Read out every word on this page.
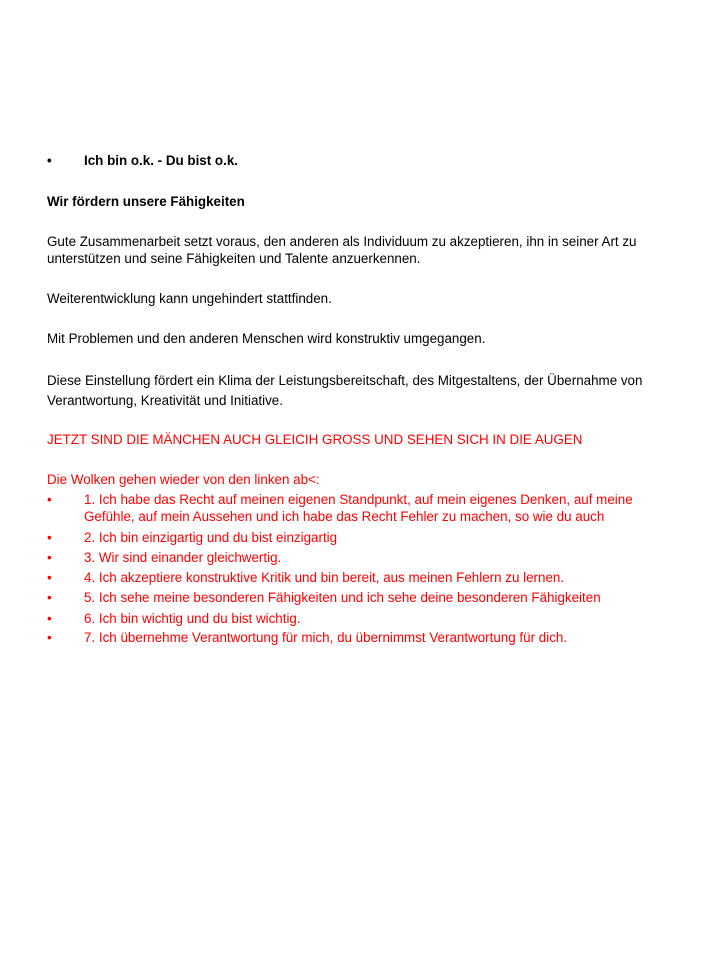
•	Ich bin o.k. - Du bist o.k.

Wir fördern unsere Fähigkeiten

Gute Zusammenarbeit setzt voraus, den anderen als Individuum zu akzeptieren, ihn in seiner Art zu unterstützen und seine Fähigkeiten und Talente anzuerkennen.

Weiterentwicklung kann ungehindert stattfinden.

Mit Problemen und den anderen Menschen wird konstruktiv umgegangen.

Diese Einstellung fördert ein Klima der Leistungsbereitschaft, des Mitgestaltens, der Übernahme von Verantwortung, Kreativität und Initiative.

JETZT SIND DIE MÄNCHEN AUCH GLEICIH GROSS UND SEHEN SICH IN DIE AUGEN

Die Wolken gehen wieder von den linken ab<:

•	1. Ich habe das Recht auf meinen eigenen Standpunkt, auf mein eigenes Denken, auf meine Gefühle, auf mein Aussehen und ich habe das Recht Fehler zu machen, so wie du auch
•	2. Ich bin einzigartig und du bist einzigartig
•	3. Wir sind einander gleichwertig.
•	4. Ich akzeptiere konstruktive Kritik und bin bereit, aus meinen Fehlern zu lernen.
•	5. Ich sehe meine besonderen Fähigkeiten und ich sehe deine besonderen Fähigkeiten
•	6. Ich bin wichtig und du bist wichtig.
•	7. Ich übernehme Verantwortung für mich, du übernimmst Verantwortung für dich.
